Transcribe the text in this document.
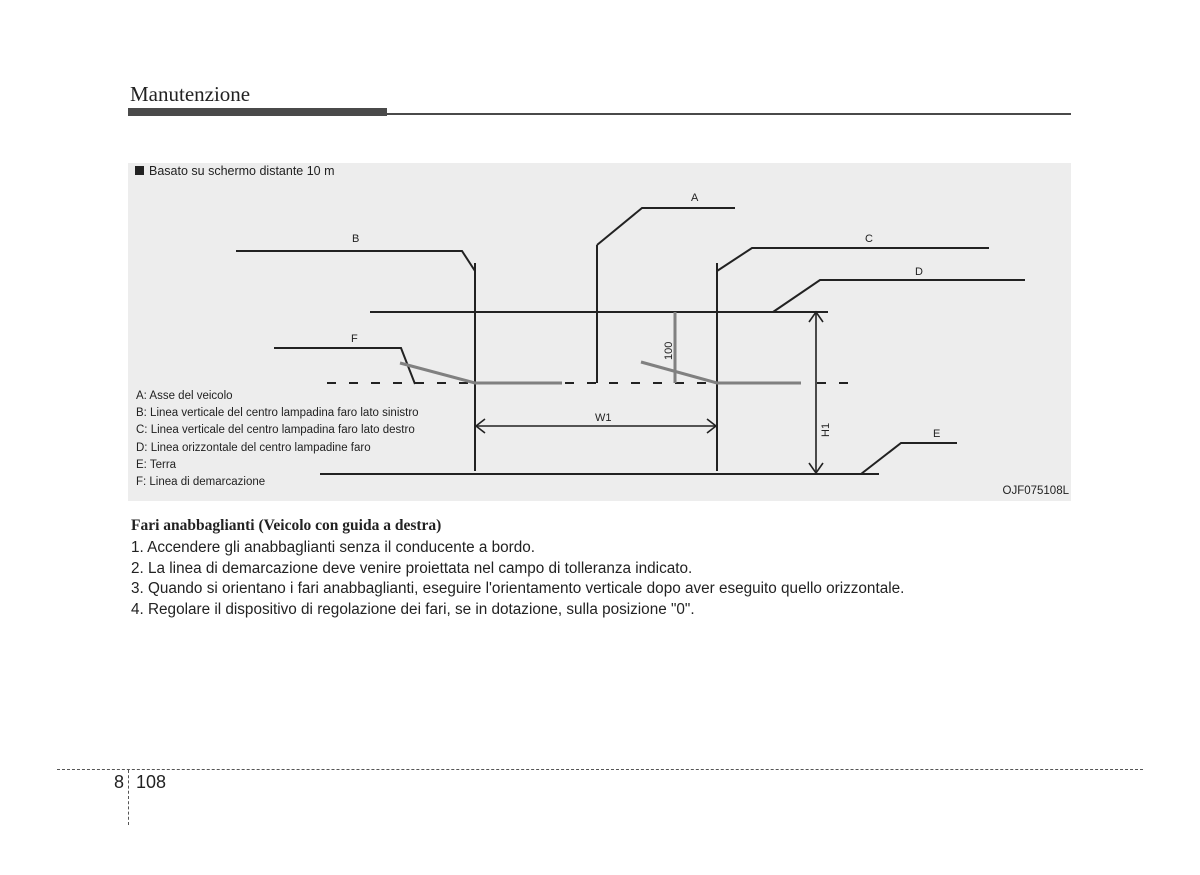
Manutenzione
A
B	C
D
E
F
W1
H1
100
Basato su schermo distante 10 m
A: Asse del veicolo
B: Linea verticale del centro lampadina faro lato sinistro
C: Linea verticale del centro lampadina faro lato destro
D: Linea orizzontale del centro lampadine faro
E: Terra
F: Linea di demarcazione
OJF075108L
Fari anabbaglianti (Veicolo con guida a destra)
1. Accendere gli anabbaglianti senza il conducente a bordo.
2. La linea di demarcazione deve venire proiettata nel campo di tolleranza indicato.
3. Quando si orientano i fari anabbaglianti, eseguire l'orientamento verticale dopo aver eseguito quello orizzontale.
4. Regolare il dispositivo di regolazione dei fari, se in dotazione, sulla posizione "0".
8 108
